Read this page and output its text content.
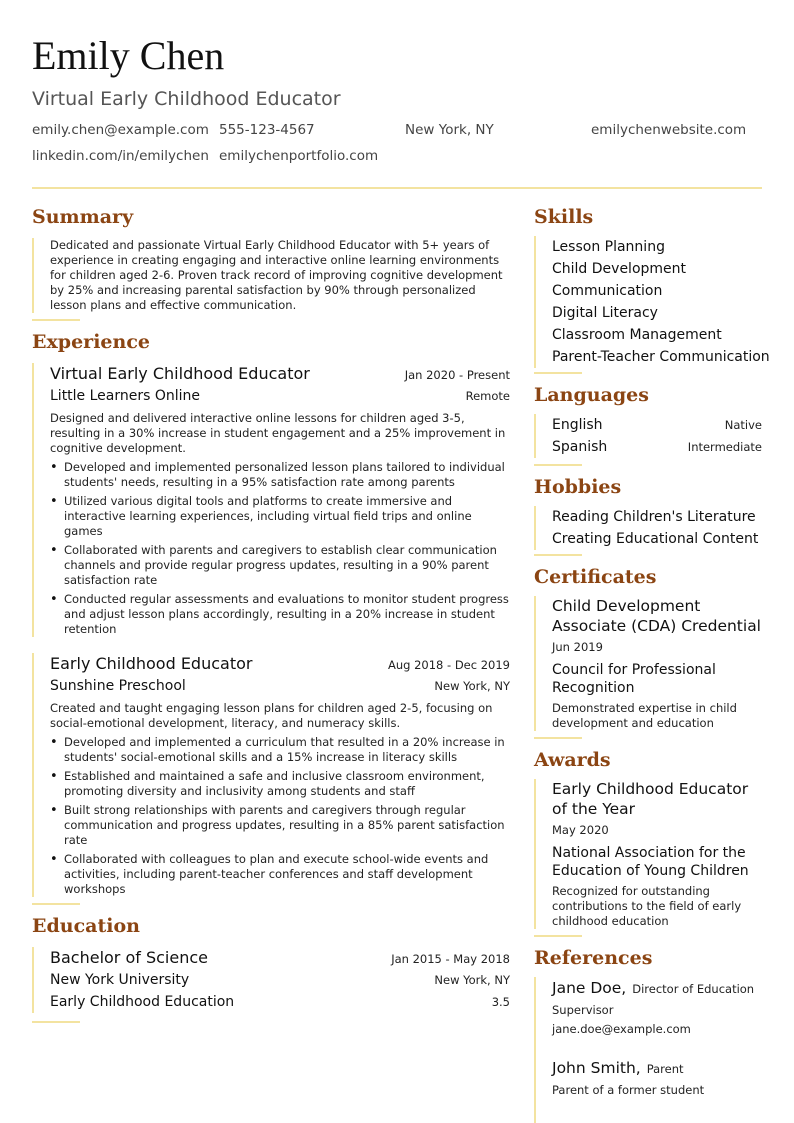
Emily Chen
Virtual Early Childhood Educator
emily.chen@example.com 555-123-4567	New York, NY	emilychenwebsite.com
linkedin.com/in/emilychen emilychenportfolio.com
Summary
Dedicated and passionate Virtual Early Childhood Educator with 5+ years of experience in creating engaging and interactive online learning environments for children aged 2-6. Proven track record of improving cognitive development by 25% and increasing parental satisfaction by 90% through personalized lesson plans and effective communication.
Experience
Virtual Early Childhood Educator	Jan 2020 - Present
Little Learners Online	Remote
Designed and delivered interactive online lessons for children aged 3-5, resulting in a 30% increase in student engagement and a 25% improvement in cognitive development.
• Developed and implemented personalized lesson plans tailored to individual students' needs, resulting in a 95% satisfaction rate among parents
• Utilized various digital tools and platforms to create immersive and interactive learning experiences, including virtual field trips and online games
• Collaborated with parents and caregivers to establish clear communication channels and provide regular progress updates, resulting in a 90% parent satisfaction rate
• Conducted regular assessments and evaluations to monitor student progress and adjust lesson plans accordingly, resulting in a 20% increase in student retention
Early Childhood Educator	Aug 2018 - Dec 2019
Sunshine Preschool	New York, NY
Created and taught engaging lesson plans for children aged 2-5, focusing on social-emotional development, literacy, and numeracy skills.
• Developed and implemented a curriculum that resulted in a 20% increase in students' social-emotional skills and a 15% increase in literacy skills
• Established and maintained a safe and inclusive classroom environment, promoting diversity and inclusivity among students and staff
• Built strong relationships with parents and caregivers through regular communication and progress updates, resulting in a 85% parent satisfaction rate
• Collaborated with colleagues to plan and execute school-wide events and activities, including parent-teacher conferences and staff development workshops
Education
Bachelor of Science	Jan 2015 - May 2018
New York University	New York, NY
Early Childhood Education	3.5
Skills
Lesson Planning
Child Development
Communication
Digital Literacy
Classroom Management
Parent-Teacher Communication
Languages
English	Native
Spanish	Intermediate
Hobbies
Reading Children's Literature
Creating Educational Content
Certificates
Child Development Associate (CDA) Credential
Jun 2019
Council for Professional Recognition
Demonstrated expertise in child development and education
Awards
Early Childhood Educator of the Year
May 2020
National Association for the Education of Young Children
Recognized for outstanding contributions to the field of early childhood education
References
Jane Doe, Director of Education
Supervisor
jane.doe@example.com
John Smith, Parent
Parent of a former student
